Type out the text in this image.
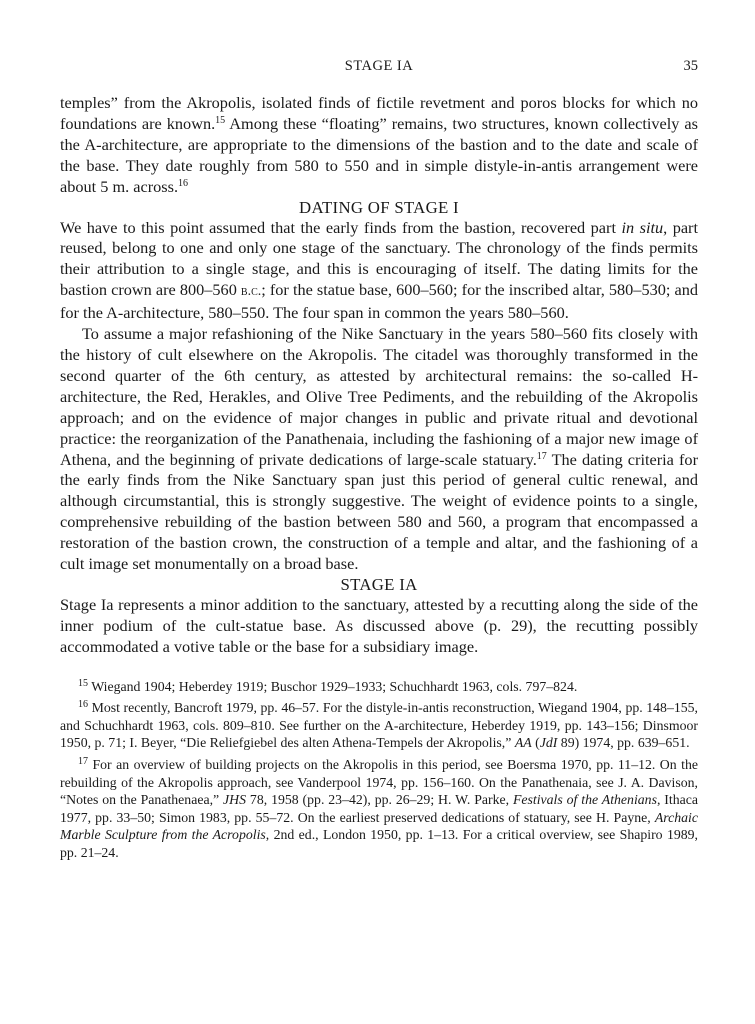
STAGE IA	35

temples” from the Akropolis, isolated finds of fictile revetment and poros blocks for which no foundations are known.$^{15}$ Among these “floating” remains, two structures, known collectively as the A-architecture, are appropriate to the dimensions of the bastion and to the date and scale of the base. They date roughly from 580 to 550 and in simple distyle-in-antis arrangement were about 5 m. across.$^{16}$

DATING OF STAGE I

We have to this point assumed that the early finds from the bastion, recovered part in situ, part reused, belong to one and only one stage of the sanctuary. The chronology of the finds permits their attribution to a single stage, and this is encouraging of itself. The dating limits for the bastion crown are 800–560 b.c.; for the statue base, 600–560; for the inscribed altar, 580–530; and for the A-architecture, 580–550. The four span in common the years 580–560.

To assume a major refashioning of the Nike Sanctuary in the years 580–560 fits closely with the history of cult elsewhere on the Akropolis. The citadel was thoroughly transformed in the second quarter of the 6th century, as attested by architectural remains: the so-called H-architecture, the Red, Herakles, and Olive Tree Pediments, and the rebuilding of the Akropolis approach; and on the evidence of major changes in public and private ritual and devotional practice: the reorganization of the Panathenaia, including the fashioning of a major new image of Athena, and the beginning of private dedications of large-scale statuary.$^{17}$ The dating criteria for the early finds from the Nike Sanctuary span just this period of general cultic renewal, and although circumstantial, this is strongly suggestive. The weight of evidence points to a single, comprehensive rebuilding of the bastion between 580 and 560, a program that encompassed a restoration of the bastion crown, the construction of a temple and altar, and the fashioning of a cult image set monumentally on a broad base.

STAGE IA

Stage Ia represents a minor addition to the sanctuary, attested by a recutting along the side of the inner podium of the cult-statue base. As discussed above (p. 29), the recutting possibly accommodated a votive table or the base for a subsidiary image.

$^{15}$ Wiegand 1904; Heberdey 1919; Buschor 1929–1933; Schuchhardt 1963, cols. 797–824.

$^{16}$ Most recently, Bancroft 1979, pp. 46–57. For the distyle-in-antis reconstruction, Wiegand 1904, pp. 148–155, and Schuchhardt 1963, cols. 809–810. See further on the A-architecture, Heberdey 1919, pp. 143–156; Dinsmoor 1950, p. 71; I. Beyer, “Die Reliefgiebel des alten Athena-Tempels der Akropolis,” AA (JdI 89) 1974, pp. 639–651.

$^{17}$ For an overview of building projects on the Akropolis in this period, see Boersma 1970, pp. 11–12. On the rebuilding of the Akropolis approach, see Vanderpool 1974, pp. 156–160. On the Panathenaia, see J. A. Davison, “Notes on the Panathenaea,” JHS 78, 1958 (pp. 23–42), pp. 26–29; H. W. Parke, Festivals of the Athenians, Ithaca 1977, pp. 33–50; Simon 1983, pp. 55–72. On the earliest preserved dedications of statuary, see H. Payne, Archaic Marble Sculpture from the Acropolis, 2nd ed., London 1950, pp. 1–13. For a critical overview, see Shapiro 1989, pp. 21–24.
